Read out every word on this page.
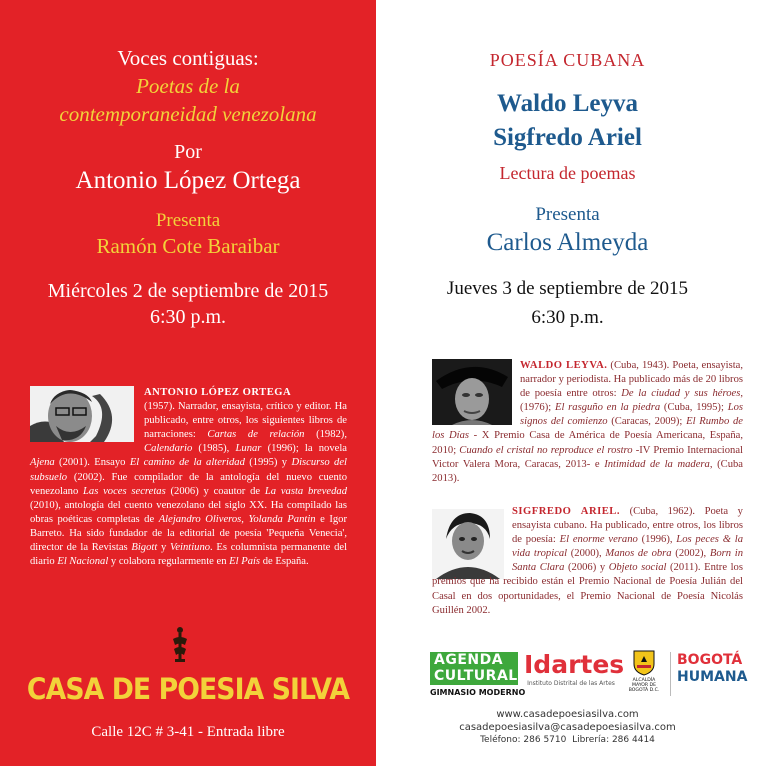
Voces contiguas:
Poetas de la
contemporaneidad venezolana
Por
Antonio López Ortega
Presenta
Ramón Cote Baraibar
Miércoles 2 de septiembre de 2015
6:30 p.m.
ANTONIO LÓPEZ ORTEGA
(1957). Narrador, ensayista, crítico y editor. Ha publicado, entre otros, los siguientes libros de narraciones: Cartas de relación (1982), Calendario (1985), Lunar (1996); la novela Ajena (2001). Ensayo El camino de la alteridad (1995) y Discurso del subsuelo (2002). Fue compilador de la antología del nuevo cuento venezolano Las voces secretas (2006) y coautor de La vasta brevedad (2010), antología del cuento venezolano del siglo XX. Ha compilado las obras poéticas completas de Alejandro Oliveros, Yolanda Pantin e Igor Barreto. Ha sido fundador de la editorial de poesía 'Pequeña Venecia', director de la Revistas Bigott y Veintiuno. Es columnista permanente del diario El Nacional y colabora regularmente en El País de España.
CASA DE POESIA SILVA
Calle 12C # 3-41 - Entrada libre
POESÍA CUBANA
Waldo Leyva
Sigfredo Ariel
Lectura de poemas
Presenta
Carlos Almeyda
Jueves 3 de septiembre de 2015
6:30 p.m.
WALDO LEYVA. (Cuba, 1943). Poeta, ensayista, narrador y periodista. Ha publicado más de 20 libros de poesía entre otros: De la ciudad y sus héroes, (1976); El rasguño en la piedra (Cuba, 1995); Los signos del comienzo (Caracas, 2009); El Rumbo de los Días - X Premio Casa de América de Poesía Americana, España, 2010; Cuando el cristal no reproduce el rostro -IV Premio Internacional Victor Valera Mora, Caracas, 2013- e Intimidad de la madera, (Cuba 2013).
SIGFREDO ARIEL. (Cuba, 1962). Poeta y ensayista cubano. Ha publicado, entre otros, los libros de poesía: El enorme verano (1996), Los peces & la vida tropical (2000), Manos de obra (2002), Born in Santa Clara (2006) y Objeto social (2011). Entre los premios que ha recibido están el Premio Nacional de Poesía Julián del Casal en dos oportunidades, el Premio Nacional de Poesía Nicolás Guillén 2002.
AGENDA
CULTURAL
GIMNASIO MODERNO
Idartes
Instituto Distrital de las Artes	ALCALDÍA MAYOR DE BOGOTÁ D.C.
BOGOTÁ
HUMANA
www.casadepoesiasilva.com
casadepoesiasilva@casadepoesiasilva.com
Teléfono: 286 5710  Librería: 286 4414
